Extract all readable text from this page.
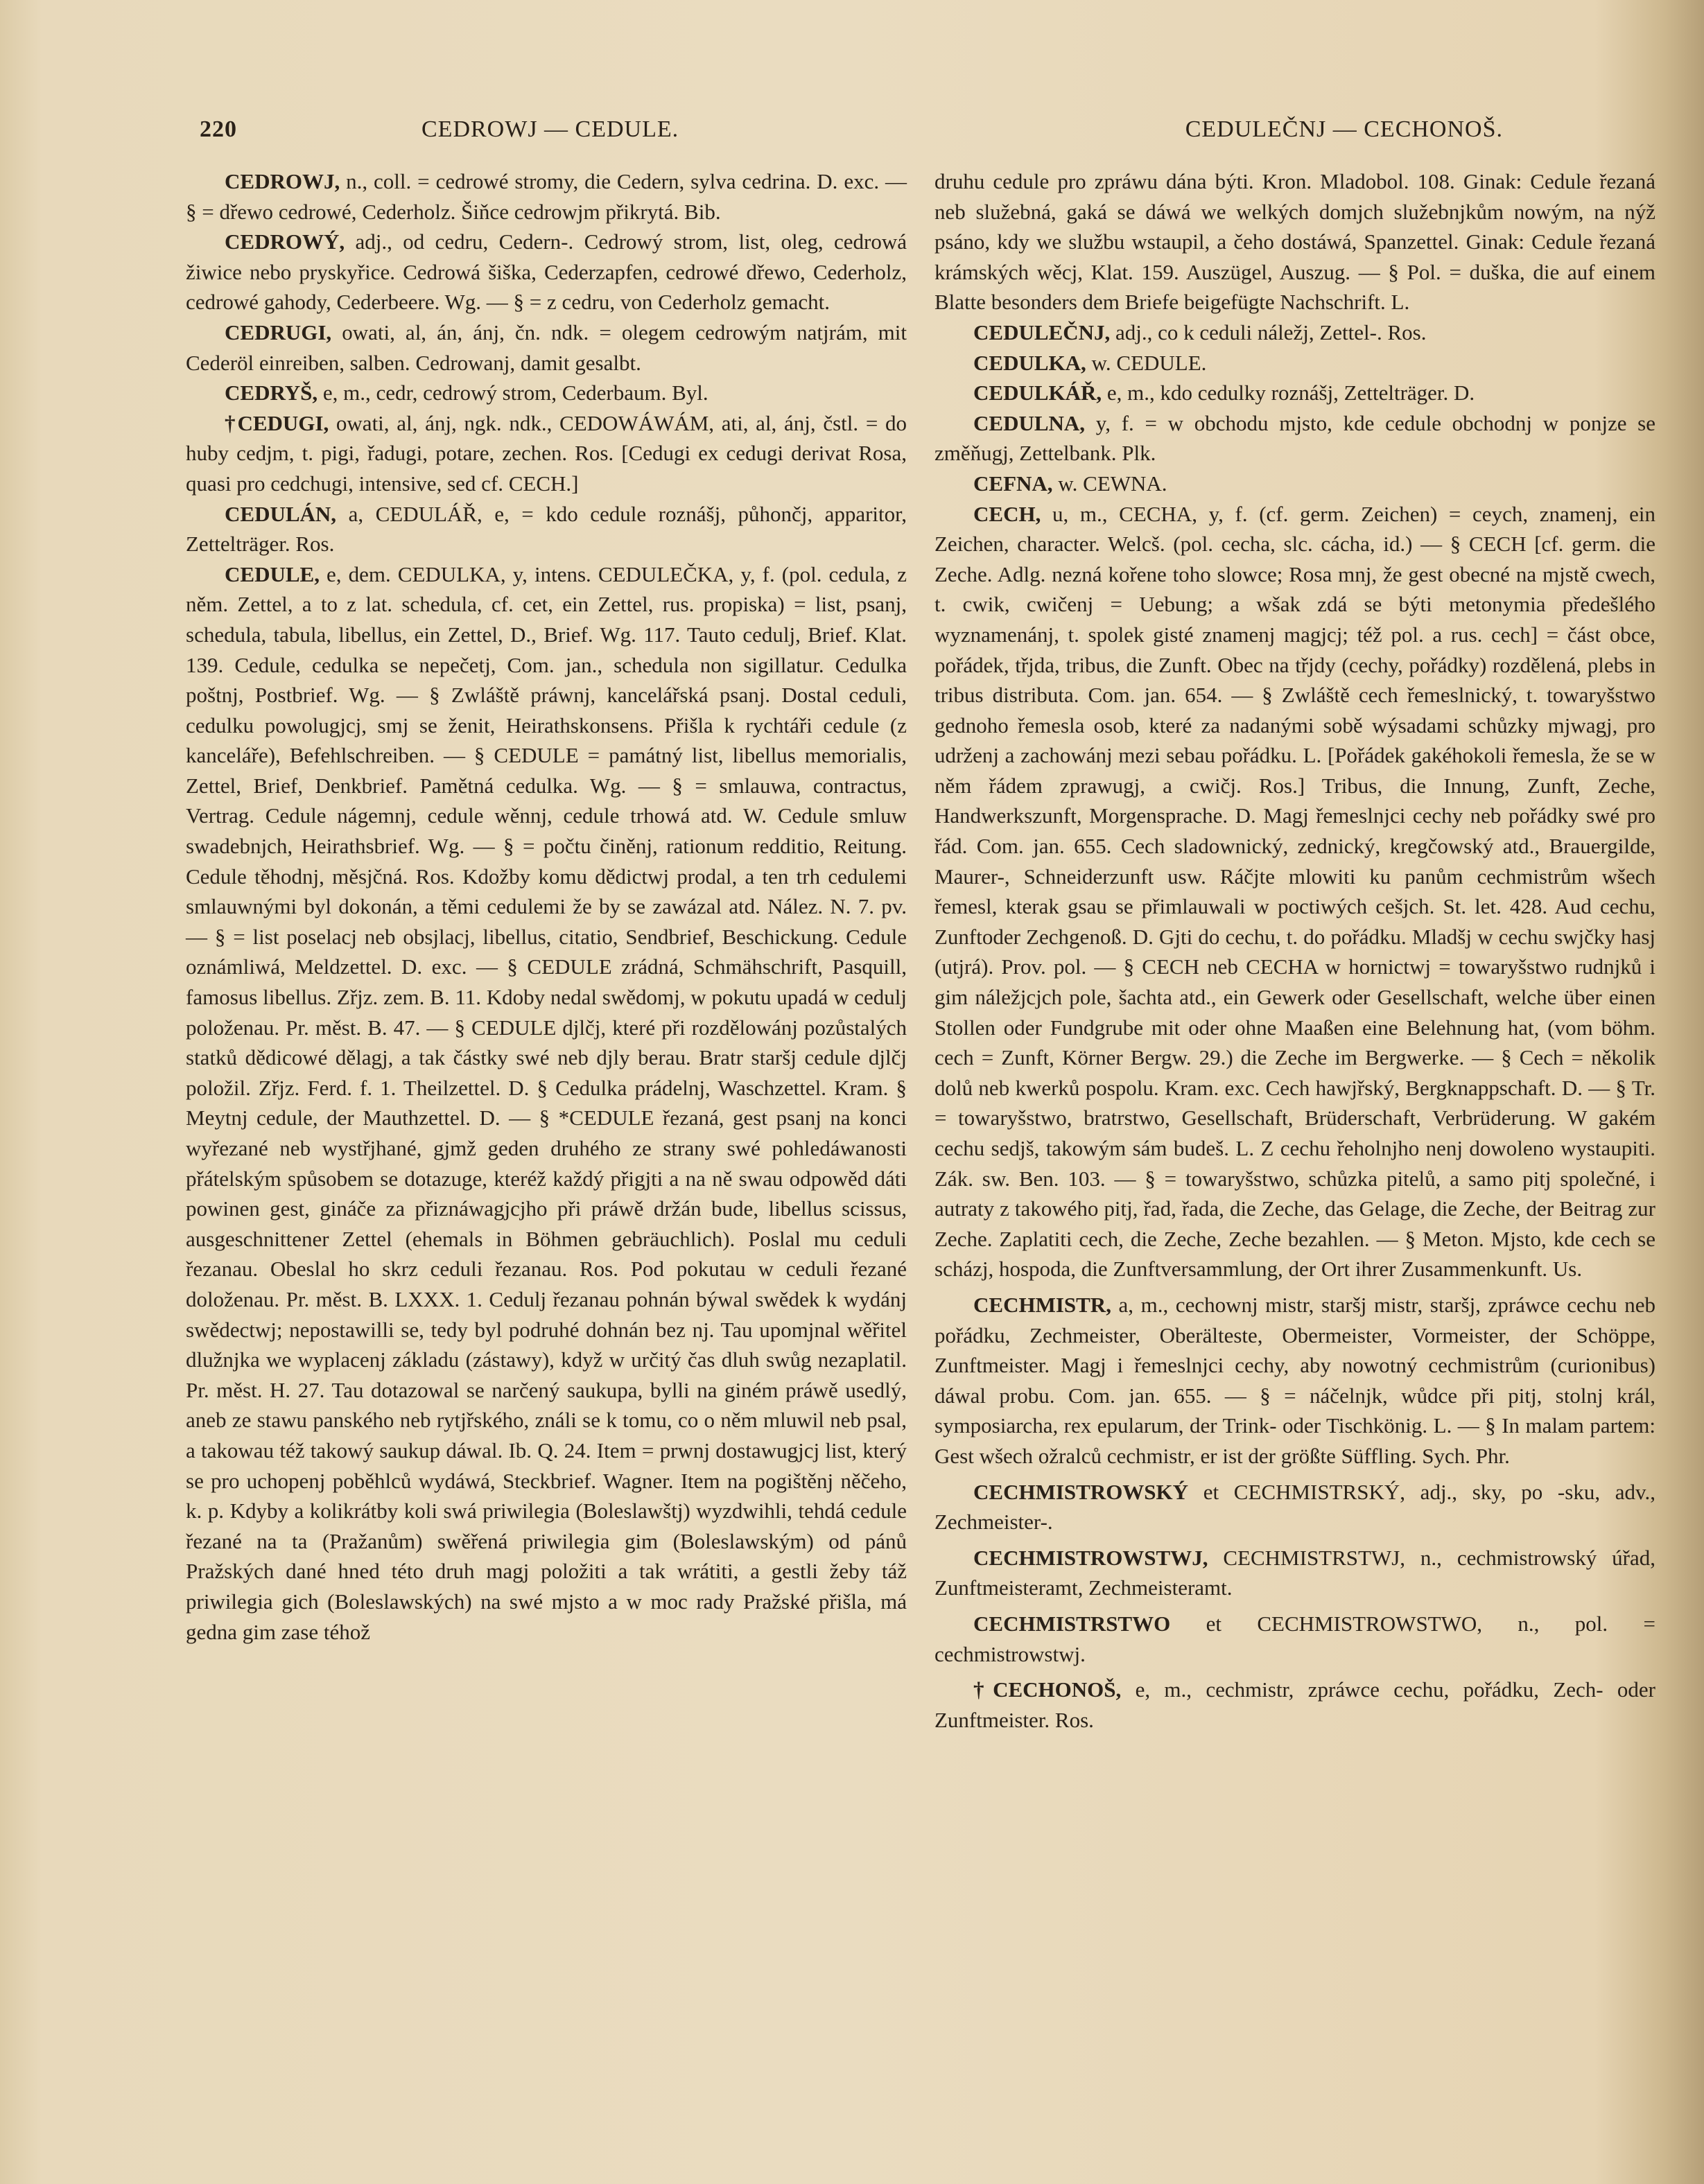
220	CEDROWJ — CEDULE.	CEDULEČNJ — CECHONOŠ.

CEDROWJ, n., coll. = cedrowé stromy, die Cedern, sylva cedrina. D. exc. — § = dřewo cedrowé, Cederholz. Šiňce cedrowjm přikrytá. Bib.

CEDROWÝ, adj., od cedru, Cedern-. Cedrowý strom, list, oleg, cedrowá žiwice nebo pryskyřice. Cedrowá šiška, Cederzapfen, cedrowé dřewo, Cederholz, cedrowé gahody, Cederbeere. Wg. — § = z cedru, von Cederholz gemacht.

CEDRUGI, owati, al, án, ánj, čn. ndk. = olegem cedrowým natjrám, mit Cederöl einreiben, salben. Cedrowanj, damit gesalbt.

CEDRYŠ, e, m., cedr, cedrowý strom, Cederbaum. Byl.

†CEDUGI, owati, al, ánj, ngk. ndk., CEDOWÁWÁM, ati, al, ánj, čstl. = do huby cedjm, t. pigi, řadugi, potare, zechen. Ros. [Cedugi ex cedugi derivat Rosa, quasi pro cedchugi, intensive, sed cf. CECH.]

CEDULÁN, a, CEDULÁŘ, e, = kdo cedule roznášj, půhončj, apparitor, Zettelträger. Ros.

CEDULE, e, dem. CEDULKA, y, intens. CEDULEČKA, y, f. (pol. cedula, z něm. Zettel, a to z lat. schedula, cf. cet, ein Zettel, rus. propiska) = list, psanj, schedula, tabula, libellus, ein Zettel, D., Brief. Wg. 117. Tauto cedulj, Brief. Klat. 139. Cedule, cedulka se nepečetj, Com. jan., schedula non sigillatur. Cedulka poštnj, Postbrief. Wg. — § Zwláště práwnj, kancelářská psanj. Dostal ceduli, cedulku powolugjcj, smj se ženit, Heirathskonsens. Přišla k rychtáři cedule (z kanceláře), Befehlschreiben. — § CEDULE = památný list, libellus memorialis, Zettel, Brief, Denkbrief. Pamětná cedulka. Wg. — § = smlauwa, contractus, Vertrag. Cedule nágemnj, cedule wěnnj, cedule trhowá atd. W. Cedule smluw swadebnjch, Heirathsbrief. Wg. — § = počtu činěnj, rationum redditio, Reitung. Cedule těhodnj, měsjčná. Ros. Kdožby komu dědictwj prodal, a ten trh cedulemi smlauwnými byl dokonán, a těmi cedulemi že by se zawázal atd. Nález. N. 7. pv. — § = list poselacj neb obsjlacj, libellus, citatio, Sendbrief, Beschickung. Cedule oznámliwá, Meldzettel. D. exc. — § CEDULE zrádná, Schmähschrift, Pasquill, famosus libellus. Zřjz. zem. B. 11. Kdoby nedal swědomj, w pokutu upadá w cedulj položenau. Pr. měst. B. 47. — § CEDULE djlčj, které při rozdělowánj pozůstalých statků dědicowé dělagj, a tak částky swé neb djly berau. Bratr staršj cedule djlčj položil. Zřjz. Ferd. f. 1. Theilzettel. D. § Cedulka prádelnj, Waschzettel. Kram. § Meytnj cedule, der Mauthzettel. D. — § *CEDULE řezaná, gest psanj na konci wyřezané neb wystřjhané, gjmž geden druhého ze strany swé pohledáwanosti přátelským spůsobem se dotazuge, kteréž každý přigjti a na ně swau odpowěd dáti powinen gest, gináče za přiznáwagjcjho při práwě držán bude, libellus scissus, ausgeschnittener Zettel (ehemals in Böhmen gebräuchlich). Poslal mu ceduli řezanau. Obeslal ho skrz ceduli řezanau. Ros. Pod pokutau w ceduli řezané doloženau. Pr. měst. B. LXXX. 1. Cedulj řezanau pohnán býwal swědek k wydánj swědectwj; nepostawilli se, tedy byl podruhé dohnán bez nj. Tau upomjnal wěřitel dlužnjka we wyplacenj základu (zástawy), když w určitý čas dluh swůg nezaplatil. Pr. měst. H. 27. Tau dotazowal se narčený saukupa, bylli na giném práwě usedlý, aneb ze stawu panského neb rytjřského, ználi se k tomu, co o něm mluwil neb psal, a takowau též takowý saukup dáwal. Ib. Q. 24. Item = prwnj dostawugjcj list, který se pro uchopenj poběhlců wydáwá, Steckbrief. Wagner. Item na pogištěnj něčeho, k. p. Kdyby a kolikrátby koli swá priwilegia (Boleslawštj) wyzdwihli, tehdá cedule řezané na ta (Pražanům) swěřená priwilegia gim (Boleslawským) od pánů Pražských dané hned této druh magj položiti a tak wrátiti, a gestli žeby táž priwilegia gich (Boleslawských) na swé mjsto a w moc rady Pražské přišla, má gedna gim zase téhož

druhu cedule pro zpráwu dána býti. Kron. Mladobol. 108. Ginak: Cedule řezaná neb služebná, gaká se dáwá we welkých domjch služebnjkům nowým, na nýž psáno, kdy we službu wstaupil, a čeho dostáwá, Spanzettel. Ginak: Cedule řezaná krámských wěcj, Klat. 159. Auszügel, Auszug. — § Pol. = duška, die auf einem Blatte besonders dem Briefe beigefügte Nachschrift. L.

CEDULEČNJ, adj., co k ceduli náležj, Zettel-. Ros.

CEDULKA, w. CEDULE.

CEDULKÁŘ, e, m., kdo cedulky roznášj, Zettelträger. D.

CEDULNA, y, f. = w obchodu mjsto, kde cedule obchodnj w ponjze se změňugj, Zettelbank. Plk.

CEFNA, w. CEWNA.

CECH, u, m., CECHA, y, f. (cf. germ. Zeichen) = ceych, znamenj, ein Zeichen, character. Welcš. (pol. cecha, slc. cácha, id.) — § CECH [cf. germ. die Zeche. Adlg. nezná kořene toho slowce; Rosa mnj, že gest obecné na mjstě cwech, t. cwik, cwičenj = Uebung; a wšak zdá se býti metonymia předešlého wyznamenánj, t. spolek gisté znamenj magjcj; též pol. a rus. cech] = část obce, pořádek, třjda, tribus, die Zunft. Obec na třjdy (cechy, pořádky) rozdělená, plebs in tribus distributa. Com. jan. 654. — § Zwláště cech řemeslnický, t. towaryšstwo gednoho řemesla osob, které za nadanými sobě wýsadami schůzky mjwagj, pro udrženj a zachowánj mezi sebau pořádku. L. [Pořádek gakéhokoli řemesla, že se w něm řádem zprawugj, a cwičj. Ros.] Tribus, die Innung, Zunft, Zeche, Handwerkszunft, Morgensprache. D. Magj řemeslnjci cechy neb pořádky swé pro řád. Com. jan. 655. Cech sladownický, zednický, kregčowský atd., Brauergilde, Maurer-, Schneiderzunft usw. Ráčjte mlowiti ku panům cechmistrům wšech řemesl, kterak gsau se přimlauwali w poctiwých cešjch. St. let. 428. Aud cechu, Zunftoder Zechgenoß. D. Gjti do cechu, t. do pořádku. Mladšj w cechu swjčky hasj (utjrá). Prov. pol. — § CECH neb CECHA w hornictwj = towaryšstwo rudnjků i gim náležjcjch pole, šachta atd., ein Gewerk oder Gesellschaft, welche über einen Stollen oder Fundgrube mit oder ohne Maaßen eine Belehnung hat, (vom böhm. cech = Zunft, Körner Bergw. 29.) die Zeche im Bergwerke. — § Cech = několik dolů neb kwerků pospolu. Kram. exc. Cech hawjřský, Bergknappschaft. D. — § Tr. = towaryšstwo, bratrstwo, Gesellschaft, Brüderschaft, Verbrüderung. W gakém cechu sedjš, takowým sám budeš. L. Z cechu řeholnjho nenj dowoleno wystaupiti. Zák. sw. Ben. 103. — § = towaryšstwo, schůzka pitelů, a samo pitj společné, i autraty z takowého pitj, řad, řada, die Zeche, das Gelage, die Zeche, der Beitrag zur Zeche. Zaplatiti cech, die Zeche, Zeche bezahlen. — § Meton. Mjsto, kde cech se scházj, hospoda, die Zunftversammlung, der Ort ihrer Zusammenkunft. Us.

CECHMISTR, a, m., cechownj mistr, staršj mistr, staršj, zpráwce cechu neb pořádku, Zechmeister, Oberälteste, Obermeister, Vormeister, der Schöppe, Zunftmeister. Magj i řemeslnjci cechy, aby nowotný cechmistrům (curionibus) dáwal probu. Com. jan. 655. — § = náčelnjk, wůdce při pitj, stolnj král, symposiarcha, rex epularum, der Trink- oder Tischkönig. L. — § In malam partem: Gest wšech ožralců cechmistr, er ist der größte Süffling. Sych. Phr.

CECHMISTROWSKÝ et CECHMISTRSKÝ, adj., sky, po -sku, adv., Zechmeister-.

CECHMISTROWSTWJ, CECHMISTRSTWJ, n., cechmistrowský úřad, Zunftmeisteramt, Zechmeisteramt.

CECHMISTRSTWO et CECHMISTROWSTWO, n., pol. = cechmistrowstwj.

†CECHONOŠ, e, m., cechmistr, zpráwce cechu, pořádku, Zech- oder Zunftmeister. Ros.
